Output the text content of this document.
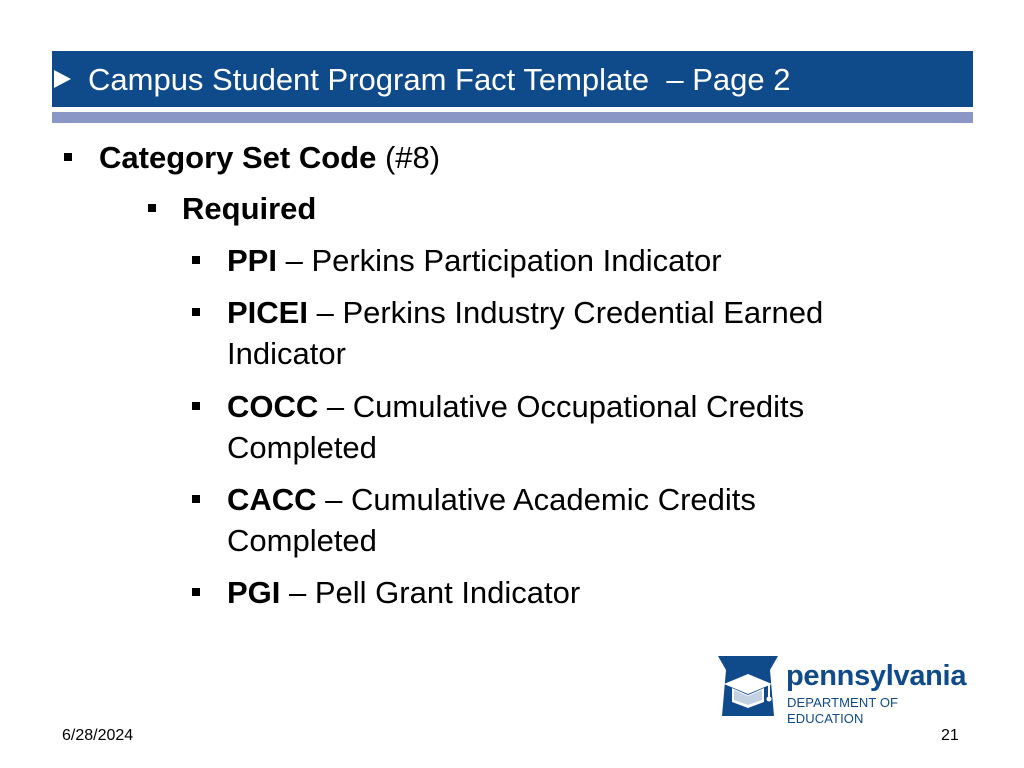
Campus Student Program Fact Template  – Page 2
Category Set Code (#8)
Required
PPI – Perkins Participation Indicator
PICEI – Perkins Industry Credential Earned
Indicator
COCC – Cumulative Occupational Credits
Completed
CACC – Cumulative Academic Credits
Completed
PGI – Pell Grant Indicator
pennsylvania
DEPARTMENT OF EDUCATION
6/28/2024	21
